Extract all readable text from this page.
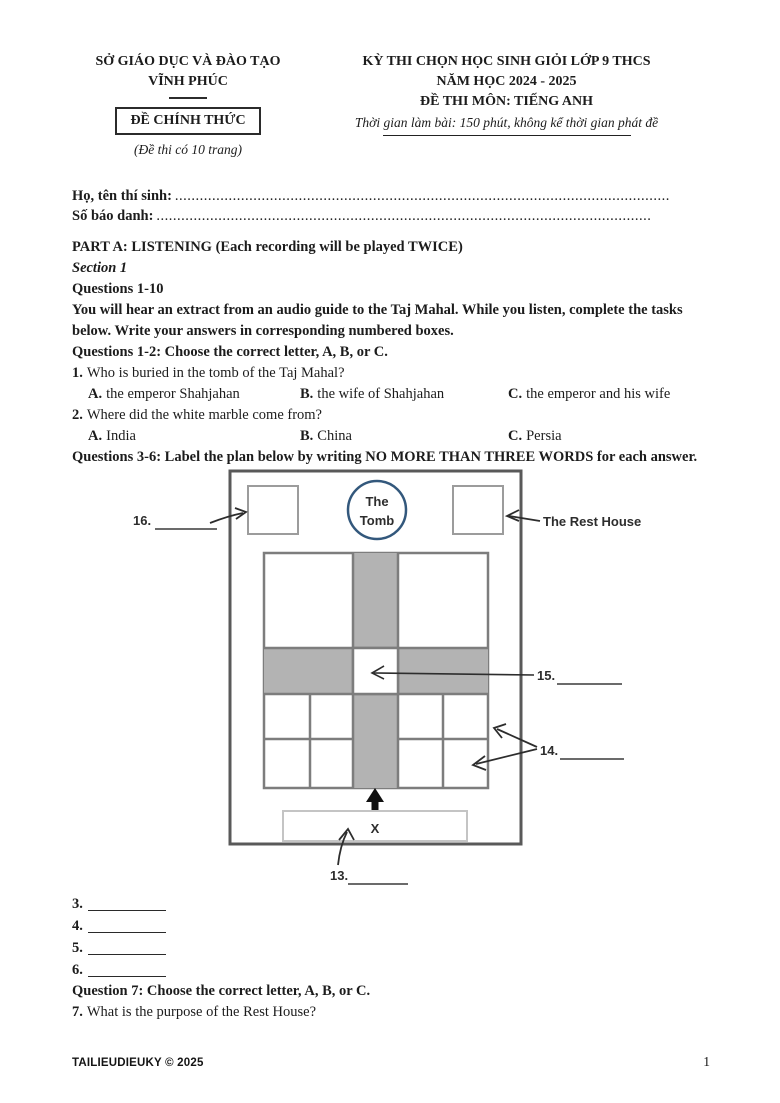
SỞ GIÁO DỤC VÀ ĐÀO TẠO
VĨNH PHÚC
ĐỀ CHÍNH THỨC
(Đề thi có 10 trang)
KỲ THI CHỌN HỌC SINH GIỎI LỚP 9 THCS
NĂM HỌC 2024 - 2025
ĐỀ THI MÔN: TIẾNG ANH
Thời gian làm bài: 150 phút, không kể thời gian phát đề
Họ, tên thí sinh: ........................................................................................................................
Số báo danh: ........................................................................................................................
PART A: LISTENING (Each recording will be played TWICE)
Section 1
Questions 1-10
You will hear an extract from an audio guide to the Taj Mahal. While you listen, complete the tasks below. Write your answers in corresponding numbered boxes.
Questions 1-2: Choose the correct letter, A, B, or C.
1. Who is buried in the tomb of the Taj Mahal?
A. the emperor Shahjahan	B. the wife of Shahjahan	C. the emperor and his wife
2. Where did the white marble come from?
A. India	B. China	C. Persia
Questions 3-6: Label the plan below by writing NO MORE THAN THREE WORDS for each answer.
The
Tomb
X
16.	The Rest House
15.
14.
13.
3.
4.
5.
6.
Question 7: Choose the correct letter, A, B, or C.
7. What is the purpose of the Rest House?
TAILIEUDIEUKY © 2025	1
